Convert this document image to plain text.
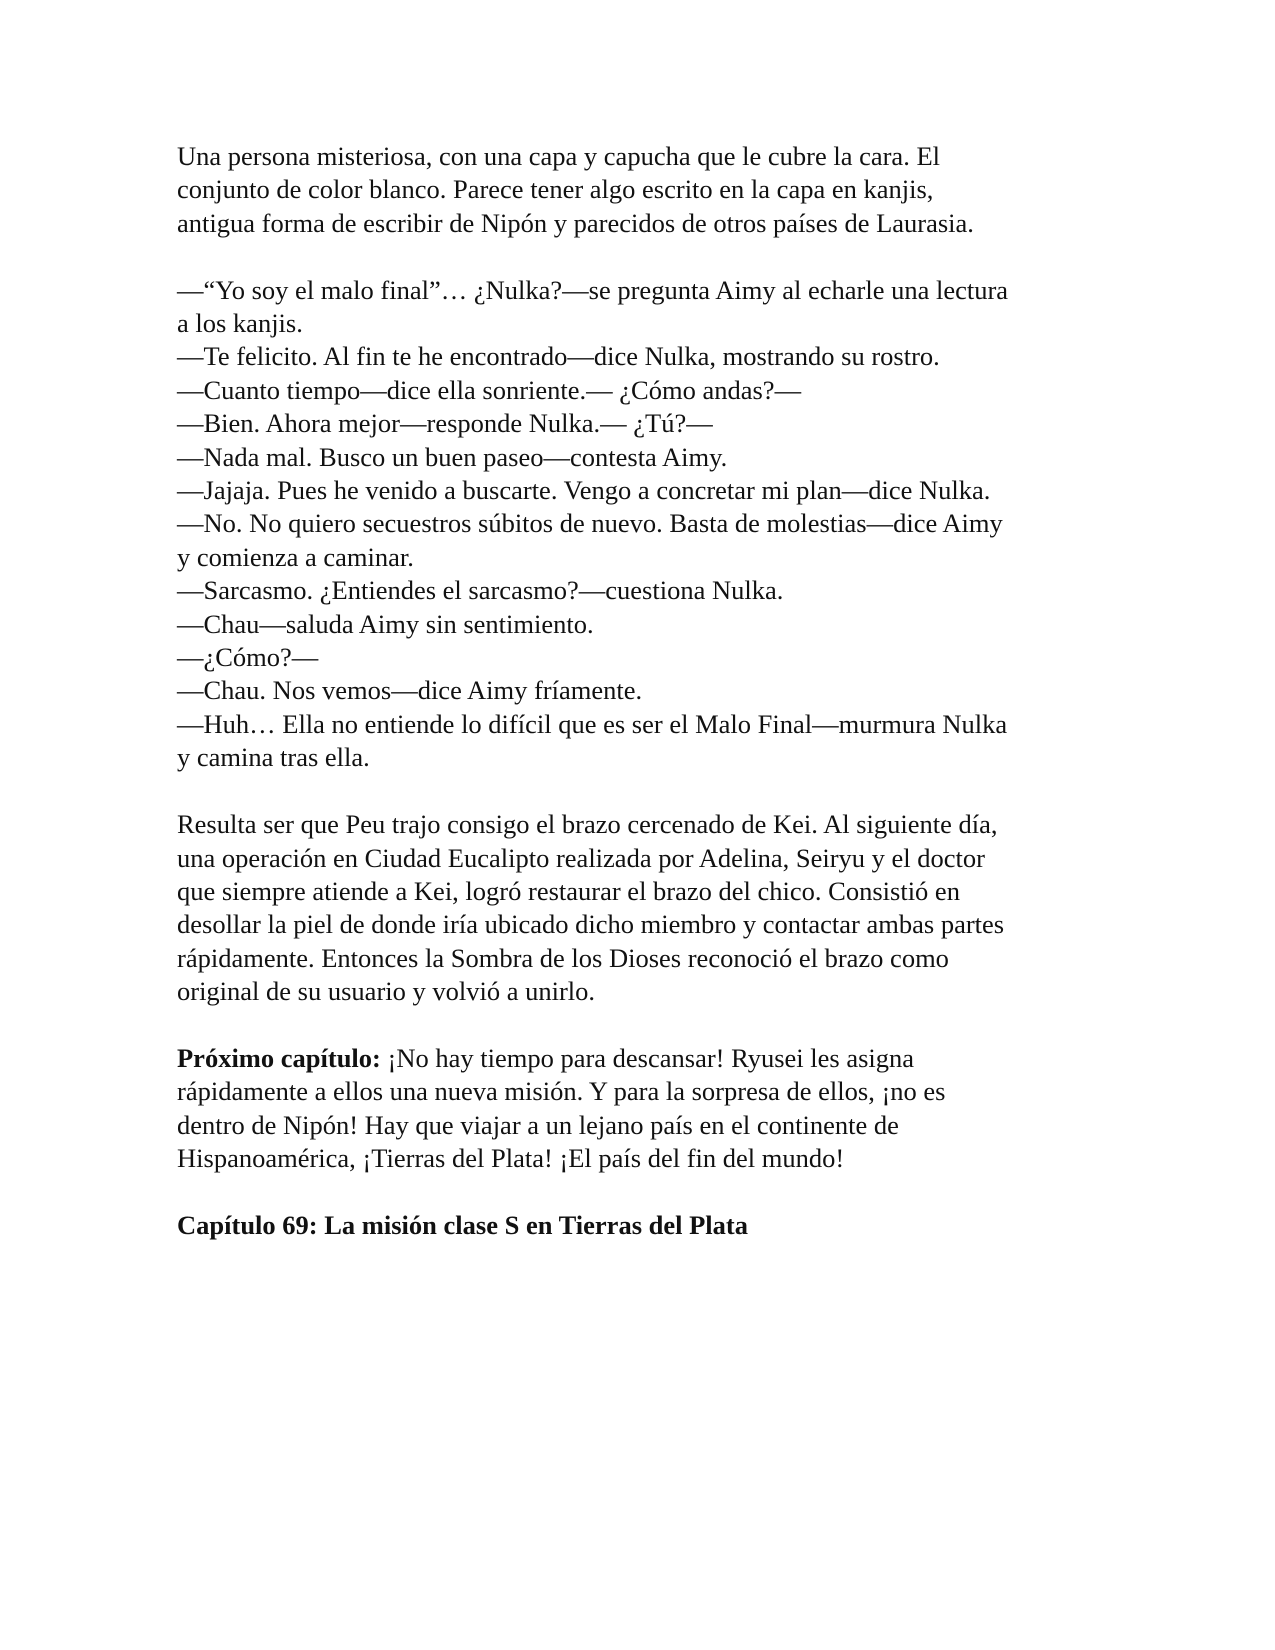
Una persona misteriosa, con una capa y capucha que le cubre la cara. El

conjunto de color blanco. Parece tener algo escrito en la capa en kanjis,

antigua forma de escribir de Nipón y parecidos de otros países de Laurasia.

—“Yo soy el malo final”… ¿Nulka?—se pregunta Aimy al echarle una lectura

a los kanjis.

—Te felicito. Al fin te he encontrado—dice Nulka, mostrando su rostro.

—Cuanto tiempo—dice ella sonriente.— ¿Cómo andas?—

—Bien. Ahora mejor—responde Nulka.— ¿Tú?—

—Nada mal. Busco un buen paseo—contesta Aimy.

—Jajaja. Pues he venido a buscarte. Vengo a concretar mi plan—dice Nulka.

—No. No quiero secuestros súbitos de nuevo. Basta de molestias—dice Aimy

y comienza a caminar.

—Sarcasmo. ¿Entiendes el sarcasmo?—cuestiona Nulka.

—Chau—saluda Aimy sin sentimiento.

—¿Cómo?—

—Chau. Nos vemos—dice Aimy fríamente.

—Huh… Ella no entiende lo difícil que es ser el Malo Final—murmura Nulka

y camina tras ella.

Resulta ser que Peu trajo consigo el brazo cercenado de Kei. Al siguiente día,

una operación en Ciudad Eucalipto realizada por Adelina, Seiryu y el doctor

que siempre atiende a Kei, logró restaurar el brazo del chico. Consistió en

desollar la piel de donde iría ubicado dicho miembro y contactar ambas partes

rápidamente. Entonces la Sombra de los Dioses reconoció el brazo como

original de su usuario y volvió a unirlo.

Próximo capítulo: ¡No hay tiempo para descansar! Ryusei les asigna

rápidamente a ellos una nueva misión. Y para la sorpresa de ellos, ¡no es

dentro de Nipón! Hay que viajar a un lejano país en el continente de

Hispanoamérica, ¡Tierras del Plata! ¡El país del fin del mundo!

Capítulo 69: La misión clase S en Tierras del Plata
